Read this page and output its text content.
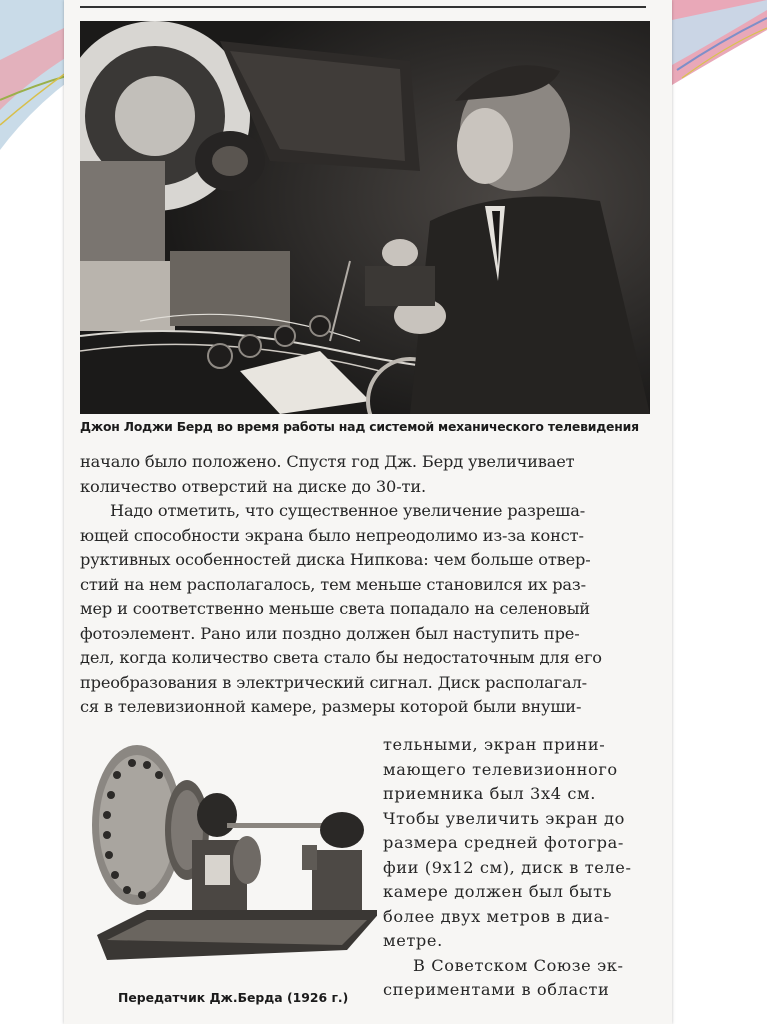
Джон Лоджи Берд во время работы над системой механического телевидения
начало было положено. Спустя год Дж. Берд увеличивает
количество отверстий на диске до 30-ти.
Надо отметить, что существенное увеличение разреша-
ющей способности экрана было непреодолимо из-за конст-
руктивных особенностей диска Нипкова: чем больше отвер-
стий на нем располагалось, тем меньше становился их раз-
мер и соответственно меньше света попадало на селеновый
фотоэлемент. Рано или поздно должен был наступить пре-
дел, когда количество света стало бы недостаточным для его
преобразования в электрический сигнал. Диск располагал-
ся в телевизионной камере, размеры которой были внуши-
тельными, экран прини-
мающего телевизионного
приемника был 3х4 см.
Чтобы увеличить экран до
размера средней фотогра-
фии (9х12 см), диск в теле-
камере должен был быть
более двух метров в диа-
метре.
В Советском Союзе эк-
спериментами в области
Передатчик Дж.Берда (1926 г.)
